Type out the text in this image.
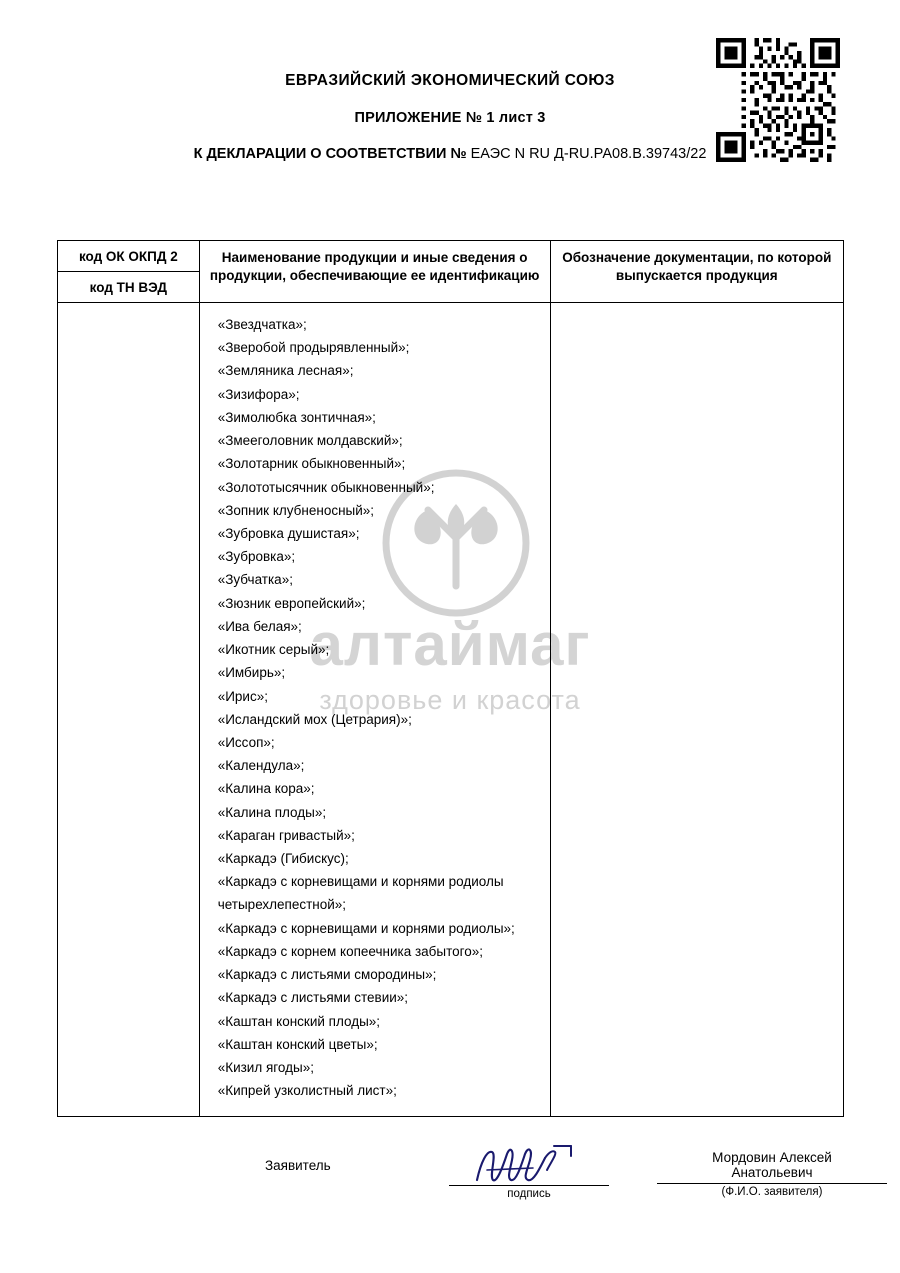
ЕВРАЗИЙСКИЙ ЭКОНОМИЧЕСКИЙ СОЮЗ
ПРИЛОЖЕНИЕ № 1 лист 3
К ДЕКЛАРАЦИИ О СООТВЕТСТВИИ № ЕАЭС N RU Д-RU.РА08.В.39743/22
алтаймаг
здоровье и красота
код ОК ОКПД 2
код ТН ВЭД	Наименование продукции и иные сведения о продукции, обеспечивающие ее идентификацию	Обозначение документации, по которой выпускается продукция

«Звездчатка»;
«Зверобой продырявленный»;
«Земляника лесная»;
«Зизифора»;
«Зимолюбка зонтичная»;
«Змееголовник молдавский»;
«Золотарник обыкновенный»;
«Золототысячник обыкновенный»;
«Зопник клубненосный»;
«Зубровка душистая»;
«Зубровка»;
«Зубчатка»;
«Зюзник европейский»;
«Ива белая»;
«Икотник серый»;
«Имбирь»;
«Ирис»;
«Исландский мох (Цетрария)»;
«Иссоп»;
«Календула»;
«Калина кора»;
«Калина плоды»;
«Караган гривастый»;
«Каркадэ (Гибискус);
«Каркадэ с корневищами и корнями родиолы четырехлепестной»;
«Каркадэ с корневищами и корнями родиолы»;
«Каркадэ с корнем копеечника забытого»;
«Каркадэ с листьями смородины»;
«Каркадэ с листьями стевии»;
«Каштан конский плоды»;
«Каштан конский цветы»;
«Кизил ягоды»;
«Кипрей узколистный лист»;

Заявитель
подпись
Мордовин Алексей
Анатольевич
(Ф.И.О. заявителя)
